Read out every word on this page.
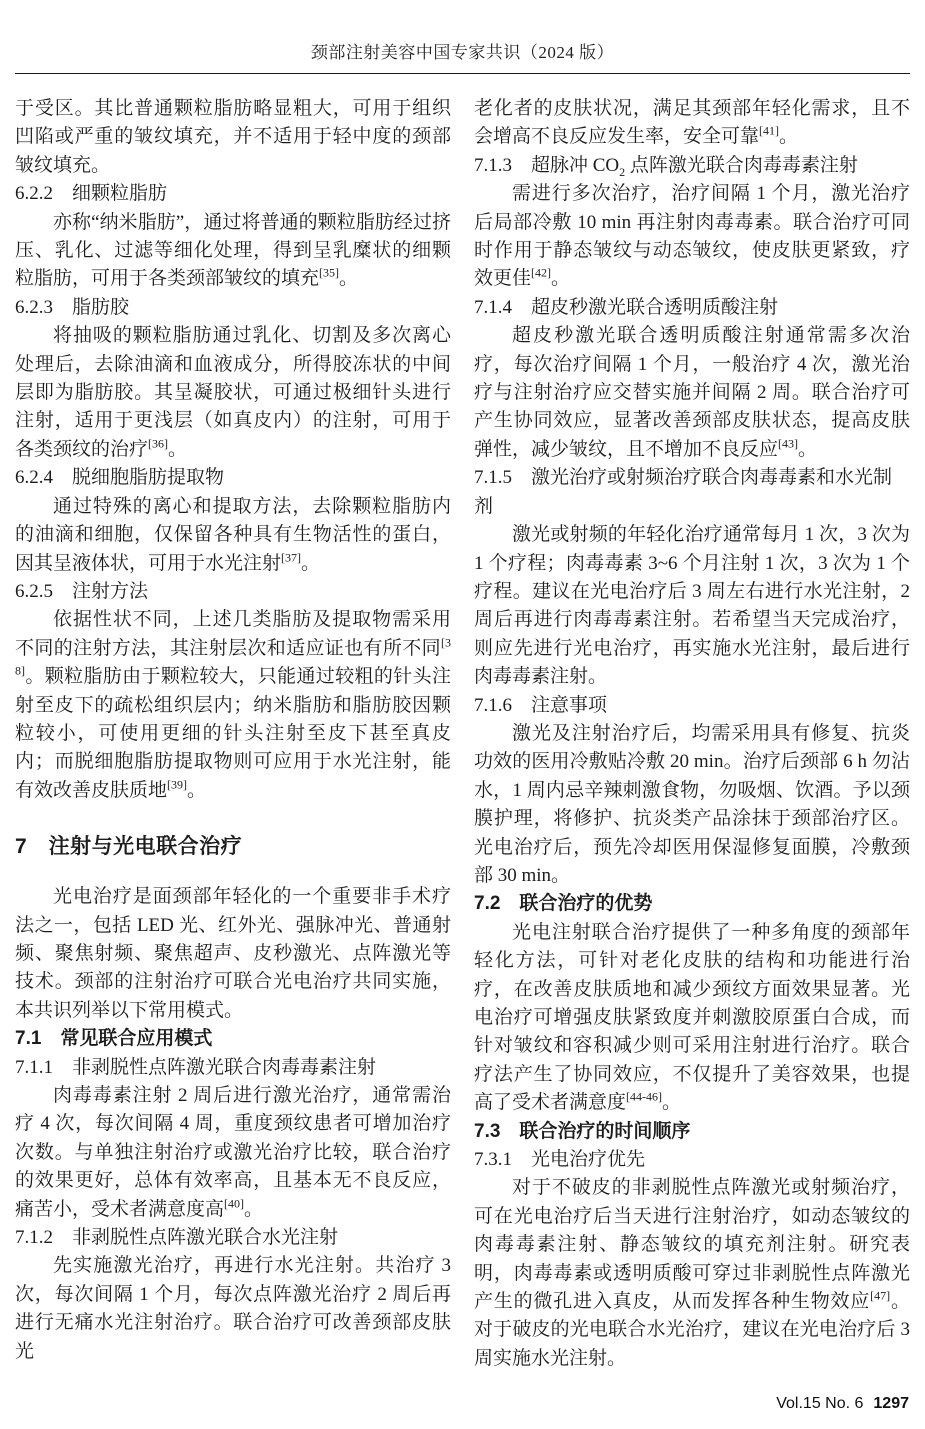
颈部注射美容中国专家共识（2024 版）
于受区。其比普通颗粒脂肪略显粗大，可用于组织凹陷或严重的皱纹填充，并不适用于轻中度的颈部皱纹填充。
6.2.2　细颗粒脂肪
亦称“纳米脂肪”，通过将普通的颗粒脂肪经过挤压、乳化、过滤等细化处理，得到呈乳糜状的细颗粒脂肪，可用于各类颈部皱纹的填充[35]。
6.2.3　脂肪胶
将抽吸的颗粒脂肪通过乳化、切割及多次离心处理后，去除油滴和血液成分，所得胶冻状的中间层即为脂肪胶。其呈凝胶状，可通过极细针头进行注射，适用于更浅层（如真皮内）的注射，可用于各类颈纹的治疗[36]。
6.2.4　脱细胞脂肪提取物
通过特殊的离心和提取方法，去除颗粒脂肪内的油滴和细胞，仅保留各种具有生物活性的蛋白，因其呈液体状，可用于水光注射[37]。
6.2.5　注射方法
依据性状不同，上述几类脂肪及提取物需采用不同的注射方法，其注射层次和适应证也有所不同[38]。颗粒脂肪由于颗粒较大，只能通过较粗的针头注射至皮下的疏松组织层内；纳米脂肪和脂肪胶因颗粒较小，可使用更细的针头注射至皮下甚至真皮内；而脱细胞脂肪提取物则可应用于水光注射，能有效改善皮肤质地[39]。
7　注射与光电联合治疗
光电治疗是面颈部年轻化的一个重要非手术疗法之一，包括 LED 光、红外光、强脉冲光、普通射频、聚焦射频、聚焦超声、皮秒激光、点阵激光等技术。颈部的注射治疗可联合光电治疗共同实施，本共识列举以下常用模式。
7.1　常见联合应用模式
7.1.1　非剥脱性点阵激光联合肉毒毒素注射
肉毒毒素注射 2 周后进行激光治疗，通常需治疗 4 次，每次间隔 4 周，重度颈纹患者可增加治疗次数。与单独注射治疗或激光治疗比较，联合治疗的效果更好，总体有效率高，且基本无不良反应，痛苦小，受术者满意度高[40]。
7.1.2　非剥脱性点阵激光联合水光注射
先实施激光治疗，再进行水光注射。共治疗 3 次，每次间隔 1 个月，每次点阵激光治疗 2 周后再进行无痛水光注射治疗。联合治疗可改善颈部皮肤光
老化者的皮肤状况，满足其颈部年轻化需求，且不会增高不良反应发生率，安全可靠[41]。
7.1.3　超脉冲 $CO_2$ 点阵激光联合肉毒毒素注射
需进行多次治疗，治疗间隔 1 个月，激光治疗后局部冷敷 10 min 再注射肉毒毒素。联合治疗可同时作用于静态皱纹与动态皱纹，使皮肤更紧致，疗效更佳[42]。
7.1.4　超皮秒激光联合透明质酸注射
超皮秒激光联合透明质酸注射通常需多次治疗，每次治疗间隔 1 个月，一般治疗 4 次，激光治疗与注射治疗应交替实施并间隔 2 周。联合治疗可产生协同效应，显著改善颈部皮肤状态，提高皮肤弹性，减少皱纹，且不增加不良反应[43]。
7.1.5　激光治疗或射频治疗联合肉毒毒素和水光制剂
激光或射频的年轻化治疗通常每月 1 次，3 次为 1 个疗程；肉毒毒素 3~6 个月注射 1 次，3 次为 1 个疗程。建议在光电治疗后 3 周左右进行水光注射，2 周后再进行肉毒毒素注射。若希望当天完成治疗，则应先进行光电治疗，再实施水光注射，最后进行肉毒毒素注射。
7.1.6　注意事项
激光及注射治疗后，均需采用具有修复、抗炎功效的医用冷敷贴冷敷 20 min。治疗后颈部 6 h 勿沾水，1 周内忌辛辣刺激食物，勿吸烟、饮酒。予以颈膜护理，将修护、抗炎类产品涂抹于颈部治疗区。光电治疗后，预先冷却医用保湿修复面膜，冷敷颈部 30 min。
7.2　联合治疗的优势
光电注射联合治疗提供了一种多角度的颈部年轻化方法，可针对老化皮肤的结构和功能进行治疗，在改善皮肤质地和减少颈纹方面效果显著。光电治疗可增强皮肤紧致度并刺激胶原蛋白合成，而针对皱纹和容积减少则可采用注射进行治疗。联合疗法产生了协同效应，不仅提升了美容效果，也提高了受术者满意度[44-46]。
7.3　联合治疗的时间顺序
7.3.1　光电治疗优先
对于不破皮的非剥脱性点阵激光或射频治疗，可在光电治疗后当天进行注射治疗，如动态皱纹的肉毒毒素注射、静态皱纹的填充剂注射。研究表明，肉毒毒素或透明质酸可穿过非剥脱性点阵激光产生的微孔进入真皮，从而发挥各种生物效应[47]。对于破皮的光电联合水光治疗，建议在光电治疗后 3 周实施水光注射。
Vol.15 No. 6 1297
